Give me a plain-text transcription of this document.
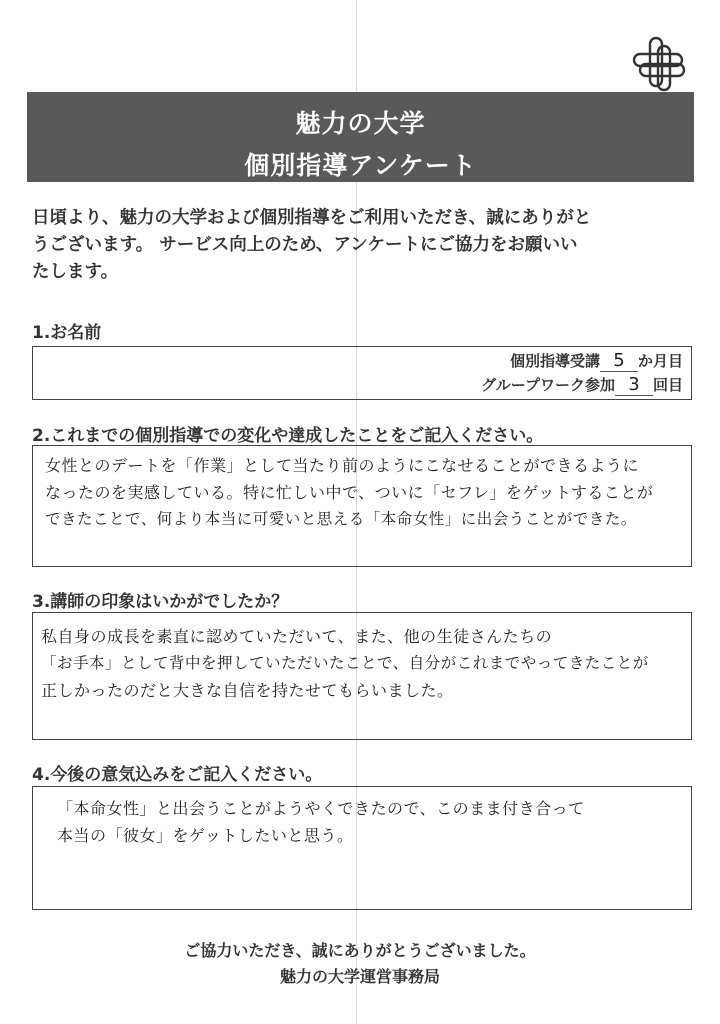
魅力の大学
個別指導アンケート
日頃より、魅力の大学および個別指導をご利用いただき、誠にありがと
うございます。 サービス向上のため、アンケートにご協力をお願いい
たします。
1.お名前
個別指導受講 5 か月目
グループワーク参加 3 回目
2.これまでの個別指導での変化や達成したことをご記入ください。
女性とのデートを「作業」として当たり前のようにこなせることができるように
なったのを実感している。特に忙しい中で、ついに「セフレ」をゲットすることが
できたことで、何より本当に可愛いと思える「本命女性」に出会うことができた。
3.講師の印象はいかがでしたか？
私自身の成長を素直に認めていただいて、また、他の生徒さんたちの
「お手本」として背中を押していただいたことで、自分がこれまでやってきたことが
正しかったのだと大きな自信を持たせてもらいました。
4.今後の意気込みをご記入ください。
「本命女性」と出会うことがようやくできたので、このまま付き合って
本当の「彼女」をゲットしたいと思う。
ご協力いただき、誠にありがとうございました。
魅力の大学運営事務局
